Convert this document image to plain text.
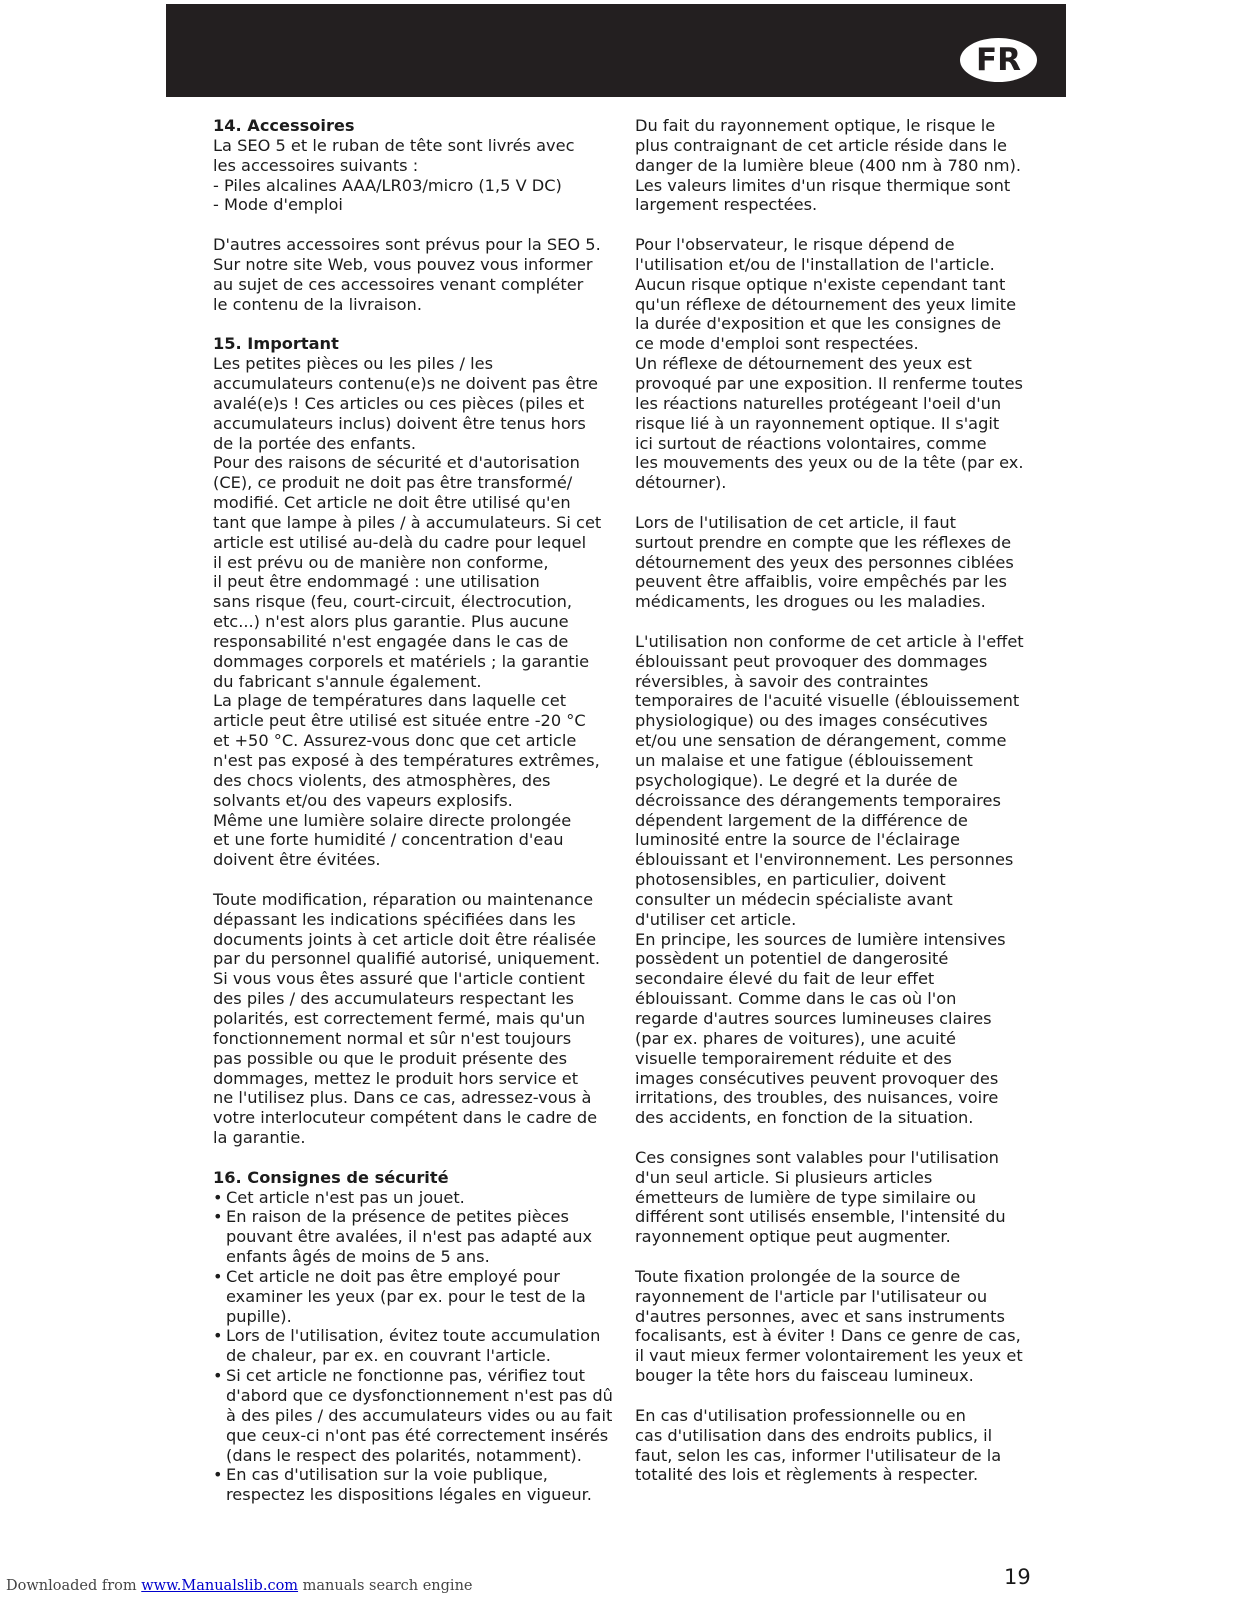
FR
14. Accessoires
La SEO 5 et le ruban de tête sont livrés avec
les accessoires suivants :
- Piles alcalines AAA/LR03/micro (1,5 V DC)
- Mode d'emploi
D'autres accessoires sont prévus pour la SEO 5.
Sur notre site Web, vous pouvez vous informer
au sujet de ces accessoires venant compléter
le contenu de la livraison.
15. Important
Les petites pièces ou les piles / les
accumulateurs contenu(e)s ne doivent pas être
avalé(e)s ! Ces articles ou ces pièces (piles et
accumulateurs inclus) doivent être tenus hors
de la portée des enfants.
Pour des raisons de sécurité et d'autorisation
(CE), ce produit ne doit pas être transformé/
modifié. Cet article ne doit être utilisé qu'en
tant que lampe à piles / à accumulateurs. Si cet
article est utilisé au-delà du cadre pour lequel
il est prévu ou de manière non conforme,
il peut être endommagé : une utilisation
sans risque (feu, court-circuit, électrocution,
etc...) n'est alors plus garantie. Plus aucune
responsabilité n'est engagée dans le cas de
dommages corporels et matériels ; la garantie
du fabricant s'annule également.
La plage de températures dans laquelle cet
article peut être utilisé est située entre -20 °C
et +50 °C. Assurez-vous donc que cet article
n'est pas exposé à des températures extrêmes,
des chocs violents, des atmosphères, des
solvants et/ou des vapeurs explosifs.
Même une lumière solaire directe prolongée
et une forte humidité / concentration d'eau
doivent être évitées.
Toute modification, réparation ou maintenance
dépassant les indications spécifiées dans les
documents joints à cet article doit être réalisée
par du personnel qualifié autorisé, uniquement.
Si vous vous êtes assuré que l'article contient
des piles / des accumulateurs respectant les
polarités, est correctement fermé, mais qu'un
fonctionnement normal et sûr n'est toujours
pas possible ou que le produit présente des
dommages, mettez le produit hors service et
ne l'utilisez plus. Dans ce cas, adressez-vous à
votre interlocuteur compétent dans le cadre de
la garantie.
16. Consignes de sécurité
• Cet article n'est pas un jouet.
• En raison de la présence de petites pièces
pouvant être avalées, il n'est pas adapté aux
enfants âgés de moins de 5 ans.
• Cet article ne doit pas être employé pour
examiner les yeux (par ex. pour le test de la
pupille).
• Lors de l'utilisation, évitez toute accumulation
de chaleur, par ex. en couvrant l'article.
• Si cet article ne fonctionne pas, vérifiez tout
d'abord que ce dysfonctionnement n'est pas dû
à des piles / des accumulateurs vides ou au fait
que ceux-ci n'ont pas été correctement insérés
(dans le respect des polarités, notamment).
• En cas d'utilisation sur la voie publique,
respectez les dispositions légales en vigueur.
Du fait du rayonnement optique, le risque le
plus contraignant de cet article réside dans le
danger de la lumière bleue (400 nm à 780 nm).
Les valeurs limites d'un risque thermique sont
largement respectées.
Pour l'observateur, le risque dépend de
l'utilisation et/ou de l'installation de l'article.
Aucun risque optique n'existe cependant tant
qu'un réflexe de détournement des yeux limite
la durée d'exposition et que les consignes de
ce mode d'emploi sont respectées.
Un réflexe de détournement des yeux est
provoqué par une exposition. Il renferme toutes
les réactions naturelles protégeant l'oeil d'un
risque lié à un rayonnement optique. Il s'agit
ici surtout de réactions volontaires, comme
les mouvements des yeux ou de la tête (par ex.
détourner).
Lors de l'utilisation de cet article, il faut
surtout prendre en compte que les réflexes de
détournement des yeux des personnes ciblées
peuvent être affaiblis, voire empêchés par les
médicaments, les drogues ou les maladies.
L'utilisation non conforme de cet article à l'effet
éblouissant peut provoquer des dommages
réversibles, à savoir des contraintes
temporaires de l'acuité visuelle (éblouissement
physiologique) ou des images consécutives
et/ou une sensation de dérangement, comme
un malaise et une fatigue (éblouissement
psychologique). Le degré et la durée de
décroissance des dérangements temporaires
dépendent largement de la différence de
luminosité entre la source de l'éclairage
éblouissant et l'environnement. Les personnes
photosensibles, en particulier, doivent
consulter un médecin spécialiste avant
d'utiliser cet article.
En principe, les sources de lumière intensives
possèdent un potentiel de dangerosité
secondaire élevé du fait de leur effet
éblouissant. Comme dans le cas où l'on
regarde d'autres sources lumineuses claires
(par ex. phares de voitures), une acuité
visuelle temporairement réduite et des
images consécutives peuvent provoquer des
irritations, des troubles, des nuisances, voire
des accidents, en fonction de la situation.
Ces consignes sont valables pour l'utilisation
d'un seul article. Si plusieurs articles
émetteurs de lumière de type similaire ou
différent sont utilisés ensemble, l'intensité du
rayonnement optique peut augmenter.
Toute fixation prolongée de la source de
rayonnement de l'article par l'utilisateur ou
d'autres personnes, avec et sans instruments
focalisants, est à éviter ! Dans ce genre de cas,
il vaut mieux fermer volontairement les yeux et
bouger la tête hors du faisceau lumineux.
En cas d'utilisation professionnelle ou en
cas d'utilisation dans des endroits publics, il
faut, selon les cas, informer l'utilisateur de la
totalité des lois et règlements à respecter.
19
Downloaded from www.Manualslib.com manuals search engine
